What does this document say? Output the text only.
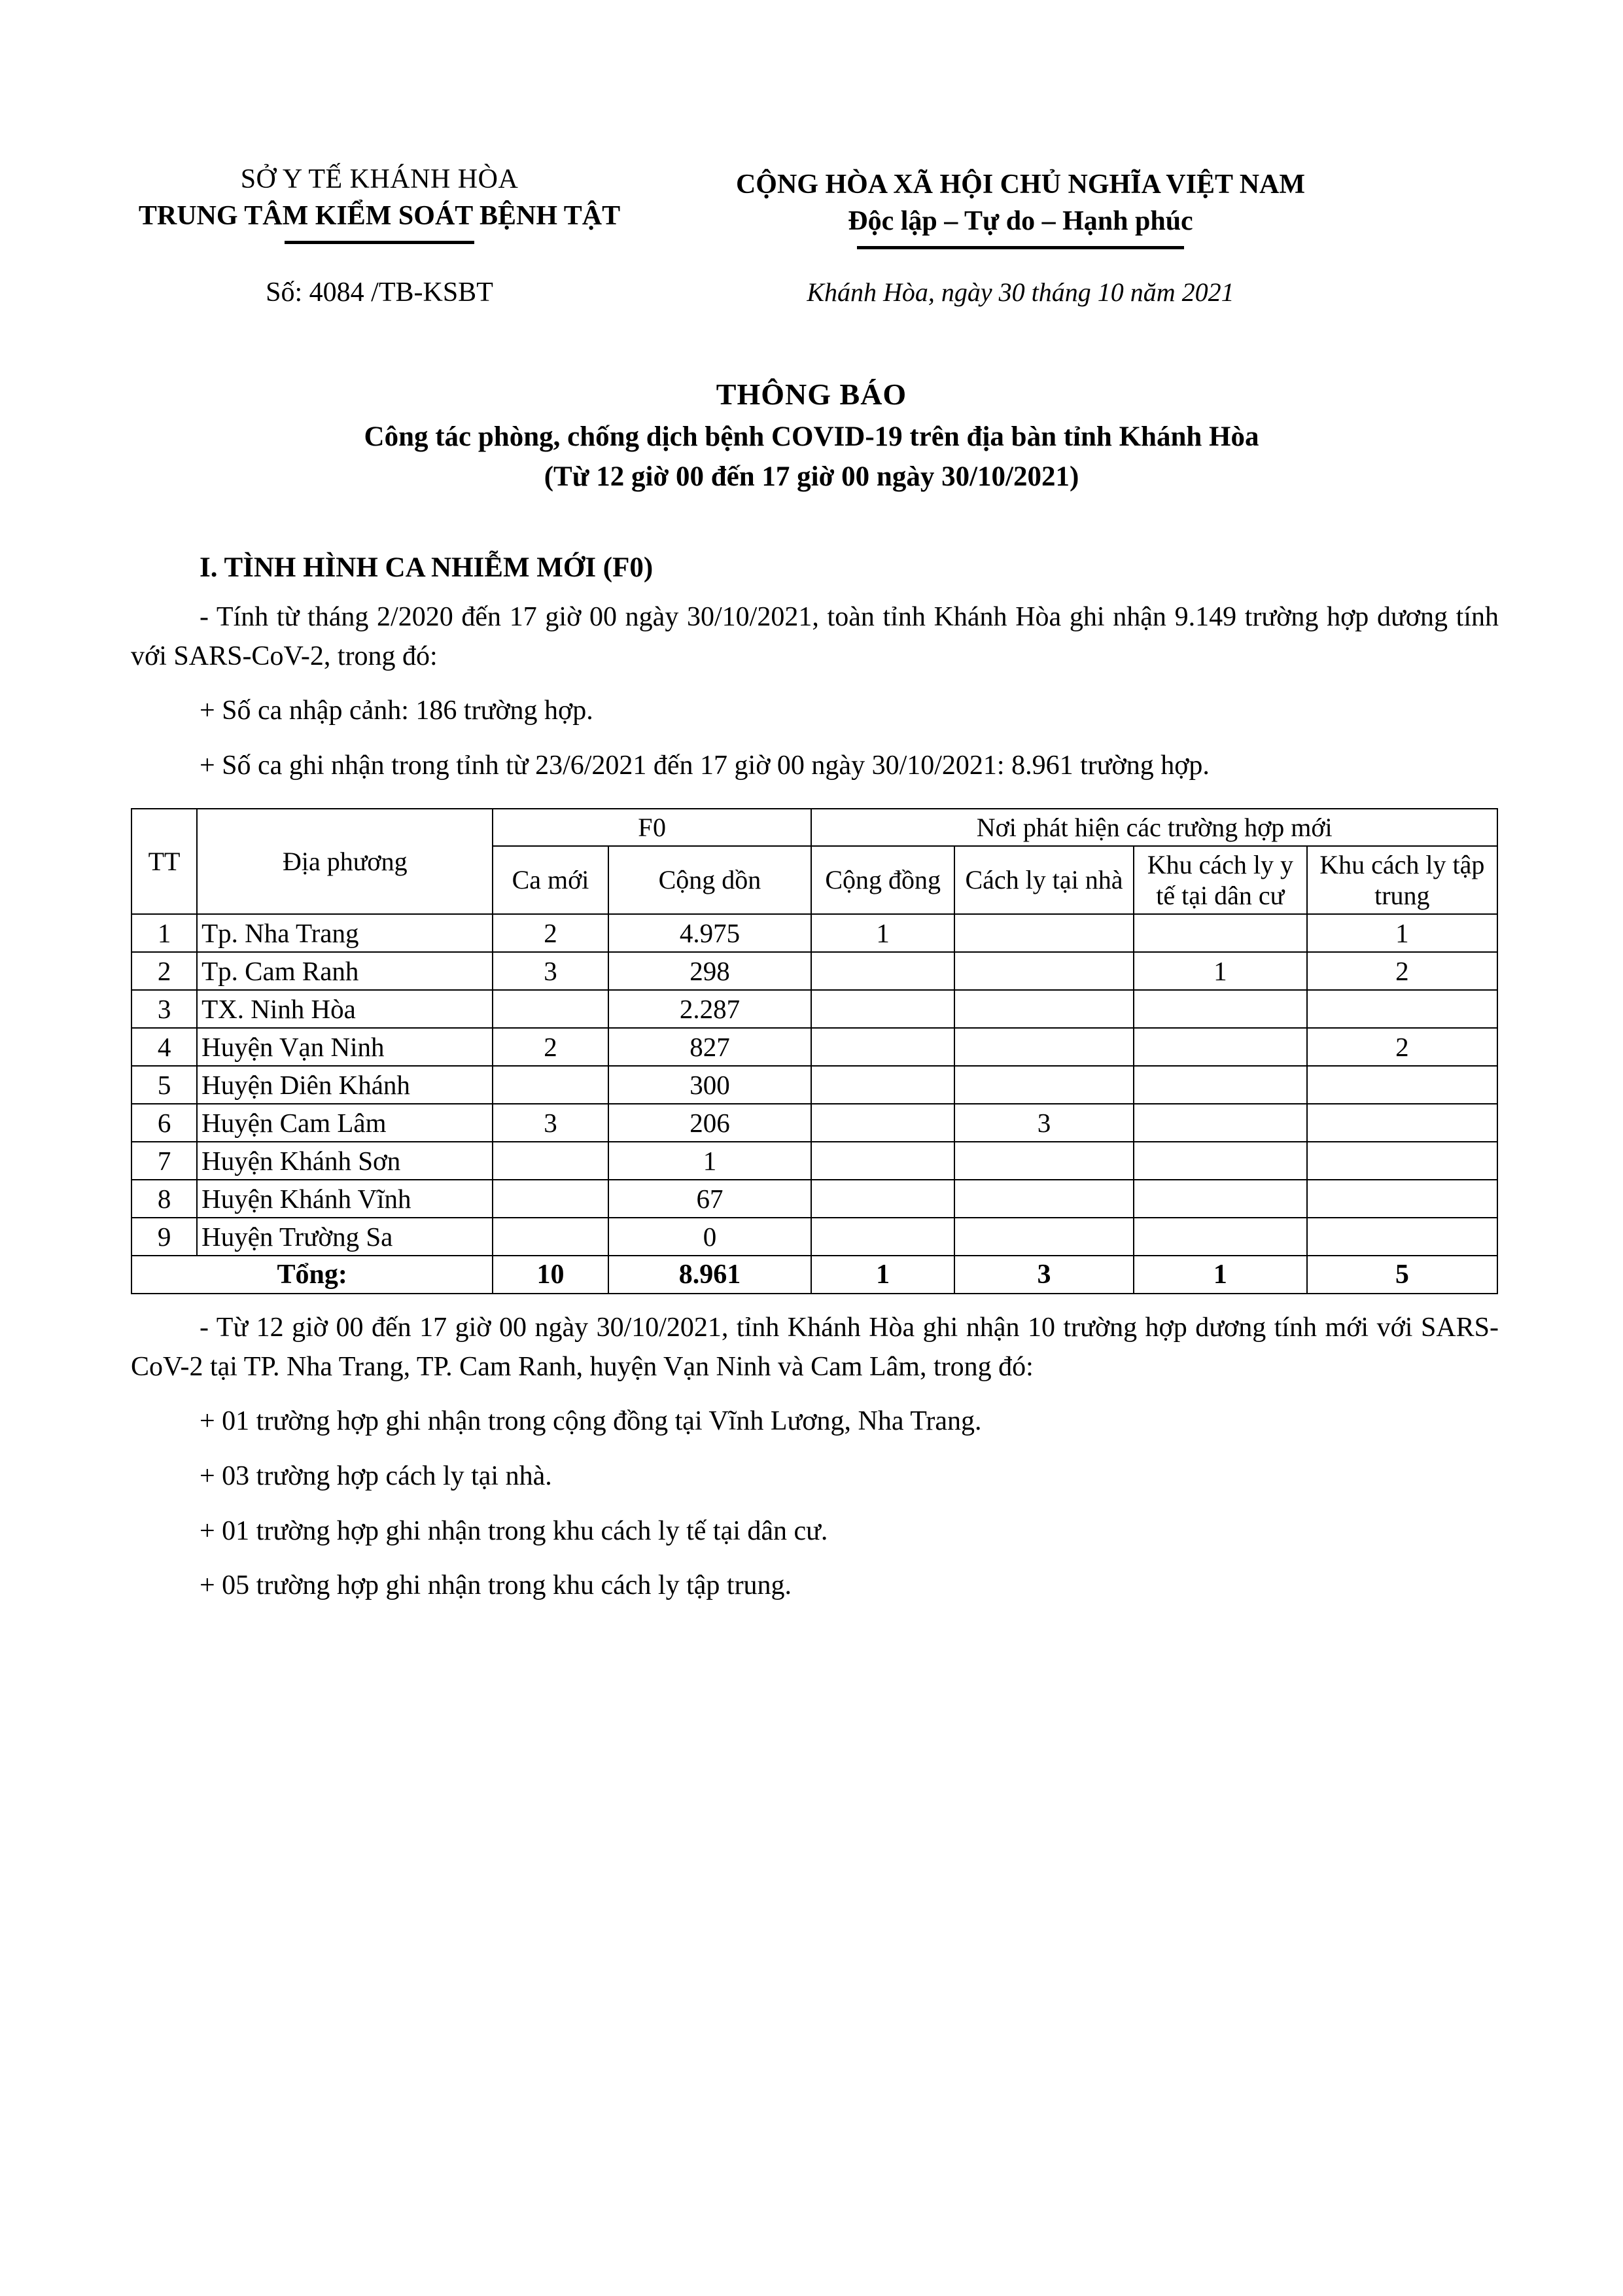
SỞ Y TẾ KHÁNH HÒA
TRUNG TÂM KIỂM SOÁT BỆNH TẬT
CỘNG HÒA XÃ HỘI CHỦ NGHĨA VIỆT NAM
Độc lập – Tự do – Hạnh phúc
Số: 4084 /TB-KSBT	Khánh Hòa, ngày 30 tháng 10 năm 2021
THÔNG BÁO
Công tác phòng, chống dịch bệnh COVID-19 trên địa bàn tỉnh Khánh Hòa
(Từ 12 giờ 00 đến 17 giờ 00 ngày 30/10/2021)
I. TÌNH HÌNH CA NHIỄM MỚI (F0)

- Tính từ tháng 2/2020 đến 17 giờ 00 ngày 30/10/2021, toàn tỉnh Khánh Hòa ghi nhận 9.149 trường hợp dương tính với SARS-CoV-2, trong đó:

+ Số ca nhập cảnh: 186 trường hợp.

+ Số ca ghi nhận trong tỉnh từ 23/6/2021 đến 17 giờ 00 ngày 30/10/2021: 8.961 trường hợp.

TT	Địa phương	F0		Nơi phát hiện các trường hợp mới			
		Ca mới	Cộng dồn	Cộng đồng	Cách ly tại nhà	Khu cách ly y tế tại dân cư	Khu cách ly tập trung
1	Tp. Nha Trang	2	4.975	1			1
2	Tp. Cam Ranh	3	298			1	2
3	TX. Ninh Hòa		2.287				
4	Huyện Vạn Ninh	2	827				2
5	Huyện Diên Khánh		300				
6	Huyện Cam Lâm	3	206		3		
7	Huyện Khánh Sơn		1				
8	Huyện Khánh Vĩnh		67				
9	Huyện Trường Sa		0				
Tổng:		10	8.961	1	3	1	5

- Từ 12 giờ 00 đến 17 giờ 00 ngày 30/10/2021, tỉnh Khánh Hòa ghi nhận 10 trường hợp dương tính mới với SARS-CoV-2 tại TP. Nha Trang, TP. Cam Ranh, huyện Vạn Ninh và Cam Lâm, trong đó:

+ 01 trường hợp ghi nhận trong cộng đồng tại Vĩnh Lương, Nha Trang.

+ 03 trường hợp cách ly tại nhà.

+ 01 trường hợp ghi nhận trong khu cách ly tế tại dân cư.

+ 05 trường hợp ghi nhận trong khu cách ly tập trung.
